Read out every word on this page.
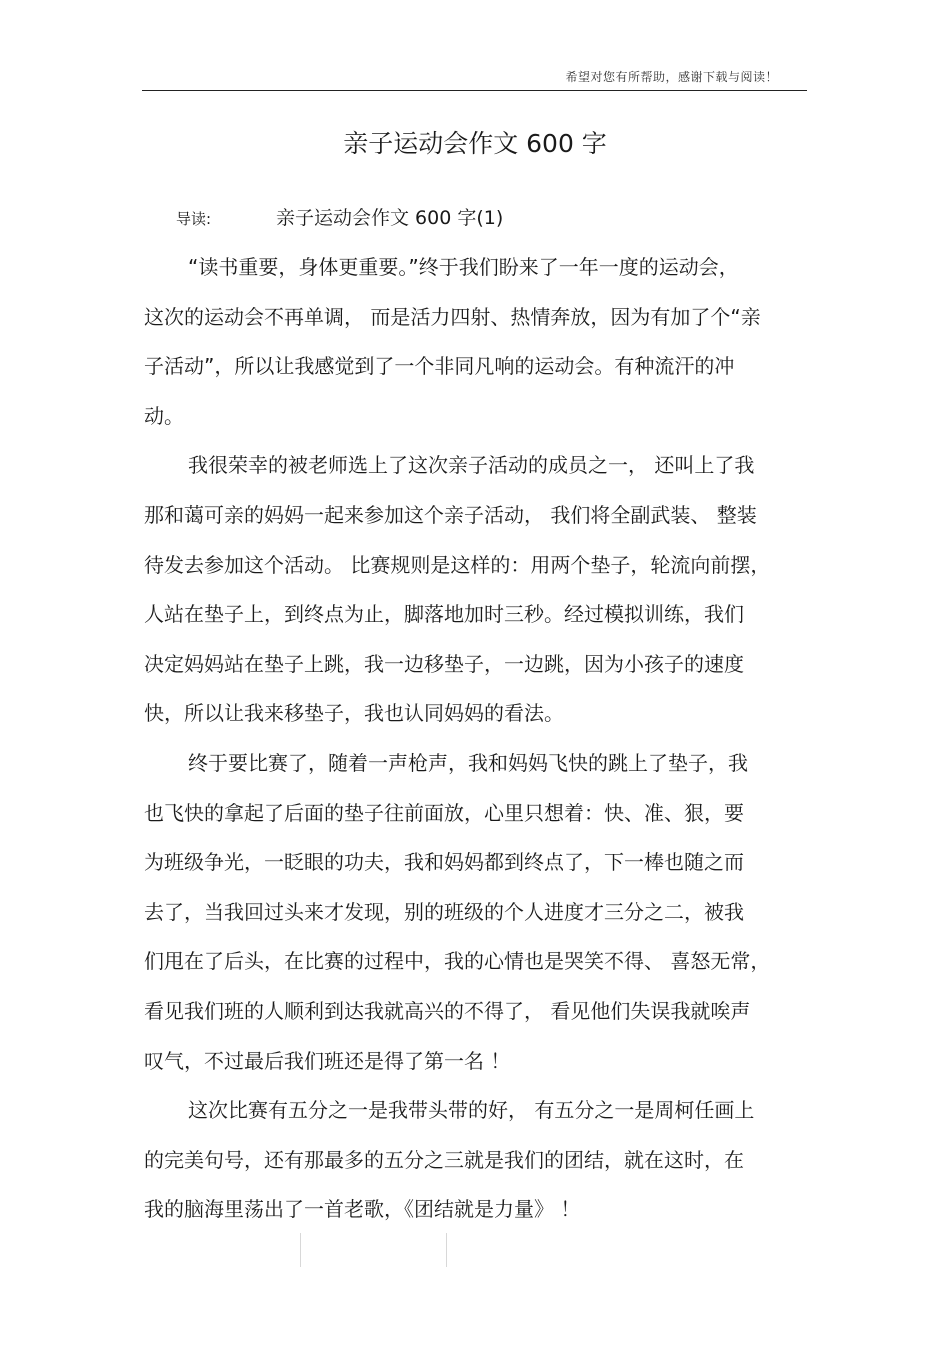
希望对您有所帮助，感谢下载与阅读！
亲子运动会作文 600 字
导读:	亲子运动会作文 600 字(1)
“读书重要，身体更重要。”终于我们盼来了一年一度的运动会，
这次的运动会不再单调， 而是活力四射、热情奔放，因为有加了个“亲
子活动”，所以让我感觉到了一个非同凡响的运动会。有种流汗的冲
动。
我很荣幸的被老师选上了这次亲子活动的成员之一， 还叫上了我
那和蔼可亲的妈妈一起来参加这个亲子活动， 我们将全副武装、 整装
待发去参加这个活动。 比赛规则是这样的：用两个垫子，轮流向前摆，
人站在垫子上，到终点为止，脚落地加时三秒。经过模拟训练，我们
决定妈妈站在垫子上跳，我一边移垫子，一边跳，因为小孩子的速度
快，所以让我来移垫子，我也认同妈妈的看法。
终于要比赛了，随着一声枪声，我和妈妈飞快的跳上了垫子，我
也飞快的拿起了后面的垫子往前面放，心里只想着：快、准、狠，要
为班级争光，一眨眼的功夫，我和妈妈都到终点了，下一棒也随之而
去了，当我回过头来才发现，别的班级的个人进度才三分之二，被我
们甩在了后头，在比赛的过程中，我的心情也是哭笑不得、 喜怒无常，
看见我们班的人顺利到达我就高兴的不得了， 看见他们失误我就唉声
叹气，不过最后我们班还是得了第一名 ！
这次比赛有五分之一是我带头带的好， 有五分之一是周柯任画上
的完美句号，还有那最多的五分之三就是我们的团结，就在这时，在
我的脑海里荡出了一首老歌，《团结就是力量》 ！
